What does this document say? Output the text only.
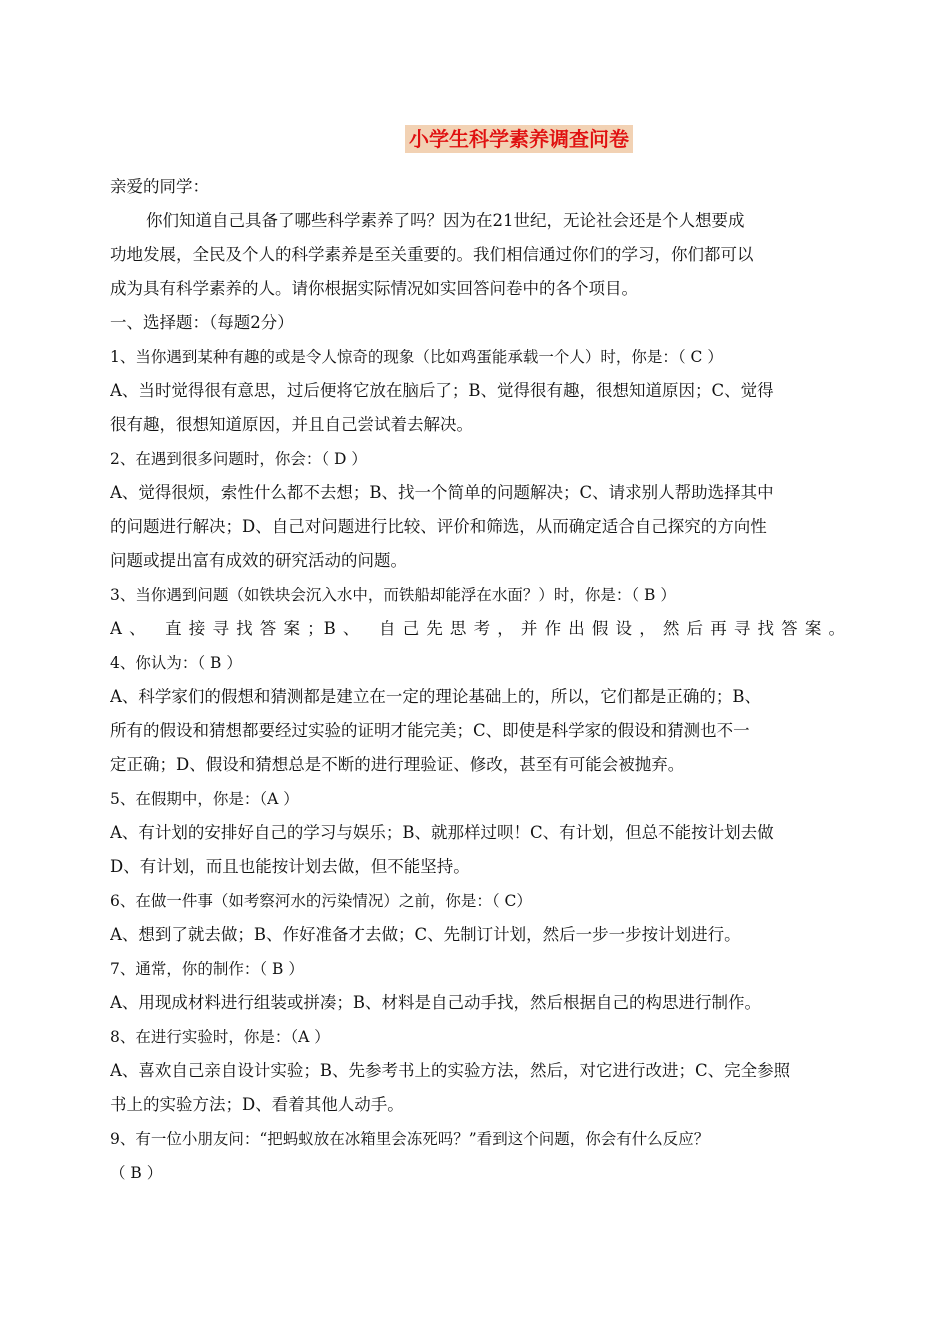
小学生科学素养调查问卷
亲爱的同学：
你们知道自己具备了哪些科学素养了吗？因为在21世纪，无论社会还是个人想要成
功地发展，全民及个人的科学素养是至关重要的。我们相信通过你们的学习，你们都可以
成为具有科学素养的人。请你根据实际情况如实回答问卷中的各个项目。
一、选择题：（每题2分）
1、当你遇到某种有趣的或是令人惊奇的现象（比如鸡蛋能承载一个人）时，你是：（ C ）
A、当时觉得很有意思，过后便将它放在脑后了；B、觉得很有趣，很想知道原因；C、觉得
很有趣，很想知道原因，并且自己尝试着去解决。
2、在遇到很多问题时，你会：（ D ）
A、觉得很烦，索性什么都不去想；B、找一个简单的问题解决；C、请求别人帮助选择其中
的问题进行解决；D、自己对问题进行比较、评价和筛选，从而确定适合自己探究的方向性
问题或提出富有成效的研究活动的问题。
3、当你遇到问题（如铁块会沉入水中，而铁船却能浮在水面？）时，你是：（ B ）
A、 直接寻找答案；B、 自己先思考，并作出假设，然后再寻找答案。
4、你认为：（ B ）
A、科学家们的假想和猜测都是建立在一定的理论基础上的，所以，它们都是正确的；B、
所有的假设和猜想都要经过实验的证明才能完美；C、即使是科学家的假设和猜测也不一
定正确；D、假设和猜想总是不断的进行理验证、修改，甚至有可能会被抛弃。
5、在假期中，你是：（A ）
A、有计划的安排好自己的学习与娱乐；B、就那样过呗！C、有计划，但总不能按计划去做
D、有计划，而且也能按计划去做，但不能坚持。
6、在做一件事（如考察河水的污染情况）之前，你是：（ C）
A、想到了就去做；B、作好准备才去做；C、先制订计划，然后一步一步按计划进行。
7、通常，你的制作：（ B ）
A、用现成材料进行组装或拼凑；B、材料是自己动手找，然后根据自己的构思进行制作。
8、在进行实验时，你是：（A ）
A、喜欢自己亲自设计实验；B、先参考书上的实验方法，然后，对它进行改进；C、完全参照
书上的实验方法；D、看着其他人动手。
9、有一位小朋友问：“把蚂蚁放在冰箱里会冻死吗？”看到这个问题，你会有什么反应？
（ B ）
